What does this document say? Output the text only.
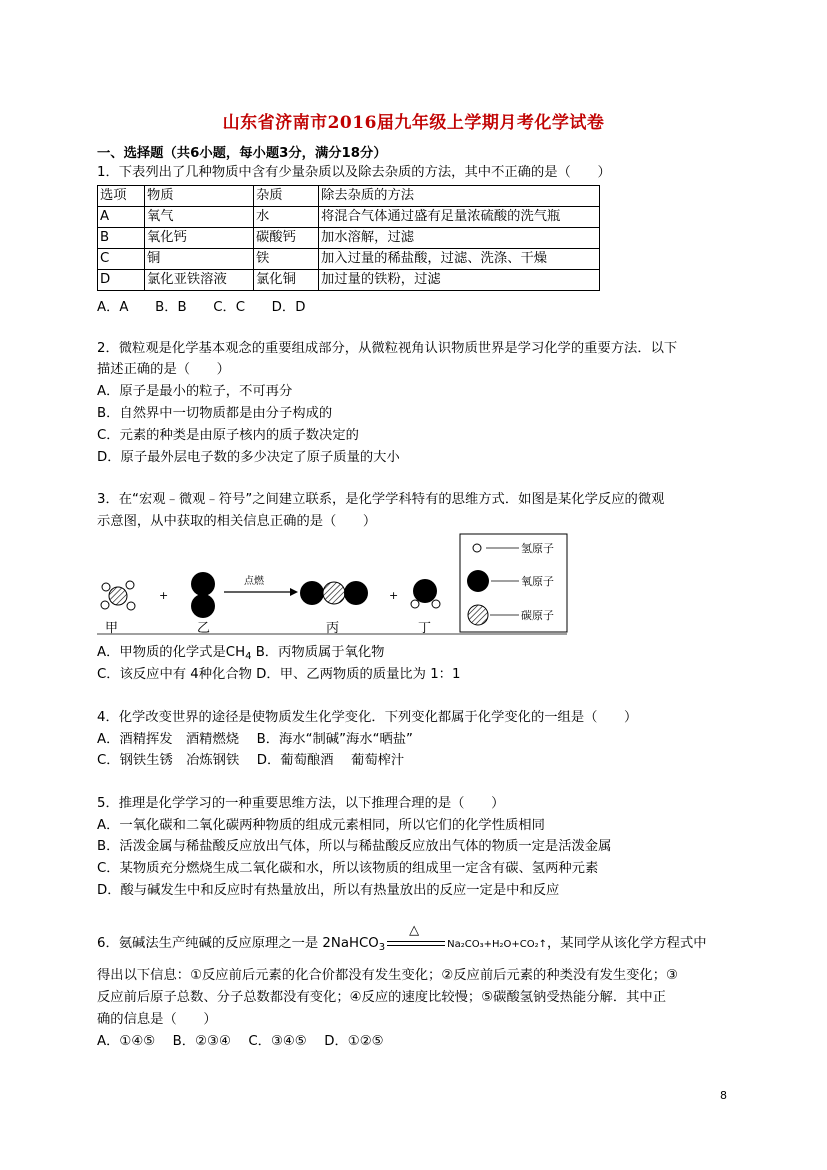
山东省济南市2016届九年级上学期月考化学试卷
一、选择题（共6小题，每小题3分，满分18分）
1．下表列出了几种物质中含有少量杂质以及除去杂质的方法，其中不正确的是（　　）
选项	物质	杂质	除去杂质的方法
A	氧气	水	将混合气体通过盛有足量浓硫酸的洗气瓶
B	氧化钙	碳酸钙	加水溶解，过滤
C	铜	铁	加入过量的稀盐酸，过滤、洗涤、干燥
D	氯化亚铁溶液	氯化铜	加过量的铁粉，过滤
A．A　　B．B　　C．C　　D．D
2．微粒观是化学基本观念的重要组成部分，从微粒视角认识物质世界是学习化学的重要方法．以下
描述正确的是（　　）
A．原子是最小的粒子，不可再分
B．自然界中一切物质都是由分子构成的
C．元素的种类是由原子核内的质子数决定的
D．原子最外层电子数的多少决定了原子质量的大小
3．在“宏观﹣微观﹣符号”之间建立联系，是化学学科特有的思维方式．如图是某化学反应的微观
示意图，从中获取的相关信息正确的是（　　）
甲
+
乙
点燃
丙
+
丁
氢原子
氧原子
碳原子
A．甲物质的化学式是$CH_4$ B．丙物质属于氧化物
C．该反应中有 4种化合物 D．甲、乙两物质的质量比为 1：1
4．化学改变世界的途径是使物质发生化学变化．下列变化都属于化学变化的一组是（　　）
A．酒精挥发　酒精燃烧　 B．海水“制碱”海水“晒盐”
C．钢铁生锈　冶炼钢铁　 D．葡萄酿酒　 葡萄榨汁
5．推理是化学学习的一种重要思维方法，以下推理合理的是（　　）
A．一氧化碳和二氧化碳两种物质的组成元素相同，所以它们的化学性质相同
B．活泼金属与稀盐酸反应放出气体，所以与稀盐酸反应放出气体的物质一定是活泼金属
C．某物质充分燃烧生成二氧化碳和水，所以该物质的组成里一定含有碳、氢两种元素
D．酸与碱发生中和反应时有热量放出，所以有热量放出的反应一定是中和反应
6．氨碱法生产纯碱的反应原理之一是 2NaHCO$_3$
△
Na₂CO₃+H₂O+CO₂↑，某同学从该化学方程式中
得出以下信息：①反应前后元素的化合价都没有发生变化；②反应前后元素的种类没有发生变化；③
反应前后原子总数、分子总数都没有变化；④反应的速度比较慢；⑤碳酸氢钠受热能分解．其中正
确的信息是（　　）
A．①④⑤　 B．②③④　 C．③④⑤　 D．①②⑤
8
